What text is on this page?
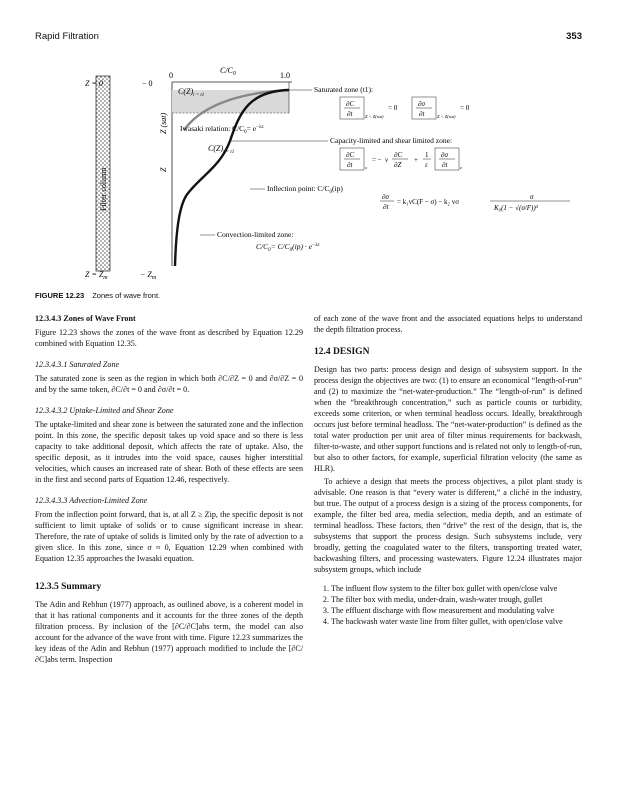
Rapid Filtration	353
Filter column
Z = 0
$Z = Z_m$
− 0
− $Z_m$
Z (sat)
Z
$C/C_0$
0	1.0
$C(Z)_{t = t1}$
Iwasaki relation: $C/C_0= e^{-\lambda z}$
$C(Z)_{t = t1}$
Saturated zone (t1):
∂C
∂t	Z < Z(sat)
= 0	∂σ
∂t	Z < Z(sat)
= 0
Capacity-limited and shear limited zone:
∂C
∂t	o
= − v
∂C
∂Z
+
1
ε
∂σ
∂t	z
∂σ
∂t
= k₁vC(F − σ) − k₂ vσ
σ
K₀(1 − √(σ/F))³
Inflection point: $C/C_0(ip)$
Convection-limited zone:
$C/C_0= C/C_0(ip) \cdot e^{-\lambda z}$
FIGURE 12.23 Zones of wave front.
12.3.4.3 Zones of Wave Front

Figure 12.23 shows the zones of the wave front as described by Equation 12.29 combined with Equation 12.35.

12.3.4.3.1 Saturated Zone

The saturated zone is seen as the region in which both ∂C/∂Z = 0 and ∂σ/∂Z = 0 and by the same token, ∂C/∂t = 0 and ∂σ/∂t = 0.

12.3.4.3.2 Uptake-Limited and Shear Zone

The uptake-limited and shear zone is between the saturated zone and the inflection point. In this zone, the specific deposit takes up void space and so there is less capacity to take additional deposit, which affects the rate of uptake. Also, the specific deposit, as it intrudes into the void space, causes higher interstitial velocities, which causes an increased rate of shear. Both of these effects are seen in the first and second parts of Equation 12.46, respectively.

12.3.4.3.3 Advection-Limited Zone

From the inflection point forward, that is, at all Z ≥ Zip, the specific deposit is not sufficient to limit uptake of solids or to cause significant increase in shear. Therefore, the rate of uptake of solids is limited only by the rate of advection to a given slice. In this zone, since σ ≈ 0, Equation 12.29 when combined with Equation 12.35 approaches the Iwasaki equation.

12.3.5 Summary

The Adin and Rebhun (1977) approach, as outlined above, is a coherent model in that it has rational components and it accounts for the three zones of the depth filtration process. By inclusion of the [∂C/∂C]abs term, the model can also account for the advance of the wave front with time. Figure 12.23 summarizes the key ideas of the Adin and Rebhun (1977) approach modified to include the [∂C/∂C]abs term. Inspection

of each zone of the wave front and the associated equations helps to understand the depth filtration process.

12.4 DESIGN

Design has two parts: process design and design of subsystem support. In the process design the objectives are two: (1) to ensure an economical “length-of-run” and (2) to maximize the “net-water-production.” The “length-of-run” is defined when the “breakthrough concentration,” such as particle counts or turbidity, exceeds some criterion, or when terminal headloss occurs. Ideally, breakthrough occurs just before terminal headloss. The “net-water-production” is defined as the total water production per unit area of filter minus requirements for backwash, filter-to-waste, and other support functions and is related not only to length-of-run, but also to other factors, for example, superficial filtration velocity (the same as HLR).

To achieve a design that meets the process objectives, a pilot plant study is advisable. One reason is that “every water is different,” a cliché in the industry, but true. The output of a process design is a sizing of the process components, for example, the filter bed area, media selection, media depth, and an estimate of terminal headloss. These factors, then “drive” the rest of the design, that is, the subsystems that support the process design. Such subsystems include, very broadly, getting the coagulated water to the filters, transporting treated water, backwashing filters, and processing wastewaters. Figure 12.24 illustrates major subsystem groups, which include

1. The influent flow system to the filter box gullet with open/close valve
2. The filter box with media, under-drain, wash-water trough, gullet
3. The effluent discharge with flow measurement and modulating valve
4. The backwash water waste line from filter gullet, with open/close valve
